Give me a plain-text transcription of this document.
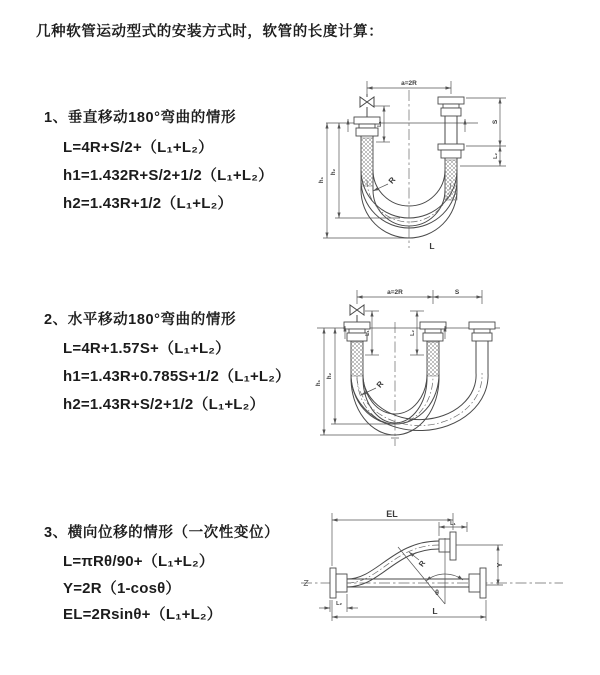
几种软管运动型式的安装方式时，软管的长度计算：
1、垂直移动180°弯曲的情形
L=4R+S/2+（L₁+L₂）
h1=1.432R+S/2+1/2（L₁+L₂）
h2=1.43R+1/2（L₁+L₂）
2、水平移动180°弯曲的情形
L=4R+1.57S+（L₁+L₂）
h1=1.43R+0.785S+1/2（L₁+L₂）
h2=1.43R+S/2+1/2（L₁+L₂）
3、横向位移的情形（一次性变位）
L=πRθ/90+（L₁+L₂）
Y=2R（1-cosθ）
EL=2Rsinθ+（L₁+L₂）
a=2R
L₁	S
L₂
h₁
h₂
R
L
a=2R	S
L₁	L₂
h₁
h₂
R
θ
EL
L₁
Y
L
L₂
R
